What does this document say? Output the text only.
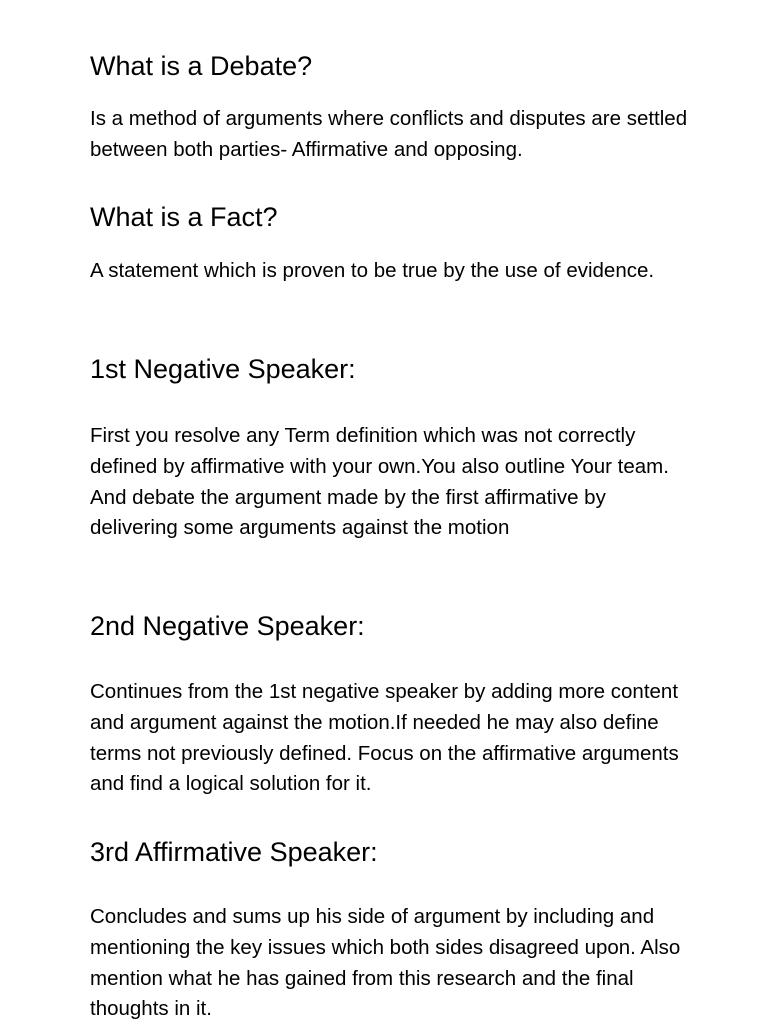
What is a Debate?

Is a method of arguments where conflicts and disputes are settled between both parties- Affirmative and opposing.

What is a Fact?

A statement which is proven to be true by the use of evidence.

1st Negative Speaker:

First you resolve any Term definition which was not correctly defined by affirmative with your own.You also outline Your team. And debate the argument made by the first affirmative by delivering some arguments against the motion

2nd Negative Speaker:

Continues from the 1st negative speaker by adding more content and argument against the motion.If needed he may also define terms not previously defined. Focus on the affirmative arguments and find a logical solution for it.

3rd Affirmative Speaker:

Concludes and sums up his side of argument by including and mentioning the key issues which both sides disagreed upon. Also mention what he has gained from this research and the final thoughts in it.
